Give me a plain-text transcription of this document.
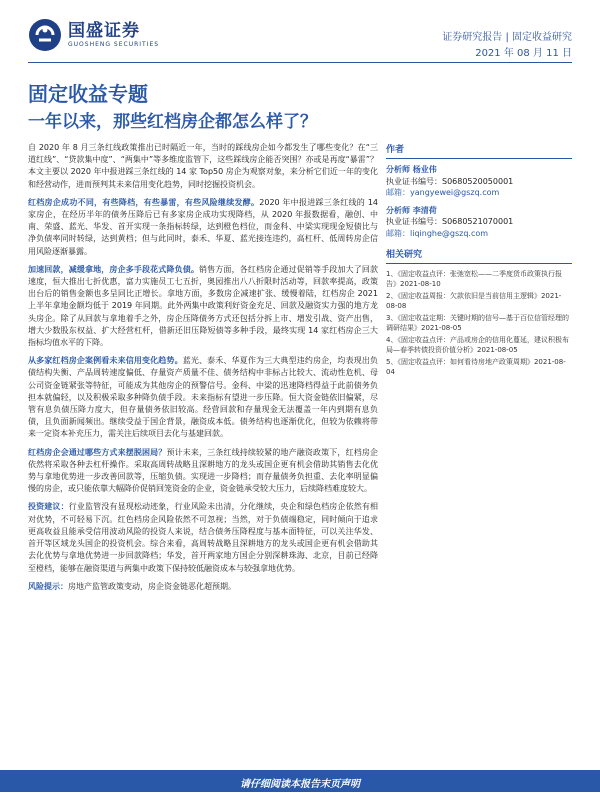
国盛证券
GUOSHENG SECURITIES
证券研究报告 | 固定收益研究
2021 年 08 月 11 日
固定收益专题
一年以来，那些红档房企都怎么样了？

自 2020 年 8 月三条红线政策推出已时隔近一年，当时的踩线房企如今都发生了哪些变化？在“三道红线”、“贷款集中度”、“两集中”等多维度监管下，这些踩线房企能否突围？亦或是再度“暴雷”？本文主要以 2020 年中报进踩三条红线的 14 家 Top50 房企为观察对象，来分析它们近一年的变化和经营动作，进而预判其未来信用变化趋势，同时挖掘投资机会。

红档房企成功不同，有些降档，有些暴雷，有些风险继续发酵。2020 年中报进踩三条红线的 14 家房企，在经历半年的债务压降后已有多家房企成功实现降档，从 2020 年报数据看，融创、中南、荣盛、蓝光、华发、首开实现一条指标转绿，达到橙色档位，而金科、中梁实现现金短债比与净负债率同时转绿，达到黄档；但与此同时，泰禾、华夏、蓝光接连违约，高杠杆、低周转房企信用风险逐渐暴露。

加速回款，减缓拿地，房企多手段花式降负债。销售方面，各红档房企通过促销等手段加大了回款速度，恒大推出七折优惠，富力实施员工七五折，奥园推出八八折限时活动等，回款率提高，政策出台后的销售金额也多呈同比正增长。拿地方面，多数房企减速扩张、缓慢着陆，红档房企 2021 上半年拿地金额均低于 2019 年同期。此外两集中政策利好资金充足、回款及融资实力强的地方龙头房企。除了从回款与拿地着手之外，房企压降债务方式还包括分拆上市、增发引战、资产出售，增大少数股东权益、扩大经营杠杆，借新还旧压降短债等多种手段，最终实现 14 家红档房企三大指标均值水平的下降。

从多家红档房企案例看未来信用变化趋势。蓝光、泰禾、华夏作为三大典型违约房企，均表现出负债结构失衡、产品周转速度偏低、存量资产质量不佳、债务结构中非标占比较大、流动性危机、母公司资金链紧张等特征，可能成为其他房企的预警信号。金科、中梁的迅速降档得益于此前债务负担本就偏轻，以及积极采取多种降负债手段。未来指标有望进一步压降。恒大资金链依旧偏紧，尽管有息负债压降力度大，但存量债务依旧较高。经营回款和存量现金无法覆盖一年内到期有息负债，且负面新闻频出。继续受益于国企背景，融资成本低。债务结构也逐渐优化，但较为依赖将带来一定资本补充压力，需关注后续项目去化与基建回款。

红档房企会通过哪些方式来摆脱困局？预计未来，三条红线持续较紧的地产融资政策下，红档房企依然将采取各种去杠杆操作。采取高周转战略且深耕地方的龙头或国企更有机会借助其销售去化优势与拿地优势进一步改善回款等，压缩负债。实现进一步降档；而存量债务负担重、去化率明显偏慢的房企，或只能依靠大幅降价促销回笼资金的企业，资金链承受较大压力，后续降档难度较大。

投资建议：行业监管没有显现松动迹象，行业风险未出清，分化继续，央企和绿色档房企依然有相对优势，不可轻易下沉。红色档房企风险依然不可忽视；当然，对于负债端稳定，同时倾向于追求更高收益且能承受信用波动风险的投资人来说，结合债务压降程度与基本面特征，可以关注华发、首开等区域龙头国企的投资机会。综合来看，高周转战略且深耕地方的龙头或国企更有机会借助其去化优势与拿地优势进一步回款降档；华发，首开两家地方国企分别深耕珠海、北京，目前已经降至橙档，能够在融资渠道与两集中政策下保持较低融资成本与较强拿地优势。

风险提示：房地产监管政策变动，房企资金链恶化超预期。

作者
分析师 杨业伟
执业证书编号：S0680520050001
邮箱：yangyewei@gszq.com
分析师 李清荷
执业证书编号：S0680521070001
邮箱：liqinghe@gszq.com
相关研究
1、《固定收益点评：张弛宽松——二季度货币政策执行报告》2021-08-10
2、《固定收益周报：欠款依旧是当前信用主逻辑》2021-08-08
3、《固定收益定期：关键时期的信号—基于百位信管经理的调研结果》2021-08-05
4、《固定收益点评：产品或房企的信用化蔓延，建议积极布局—春季转债投资价值分析》2021-08-05
5、《固定收益点评：如何看待房地产政策周期》2021-08-04
请仔细阅读本报告末页声明
